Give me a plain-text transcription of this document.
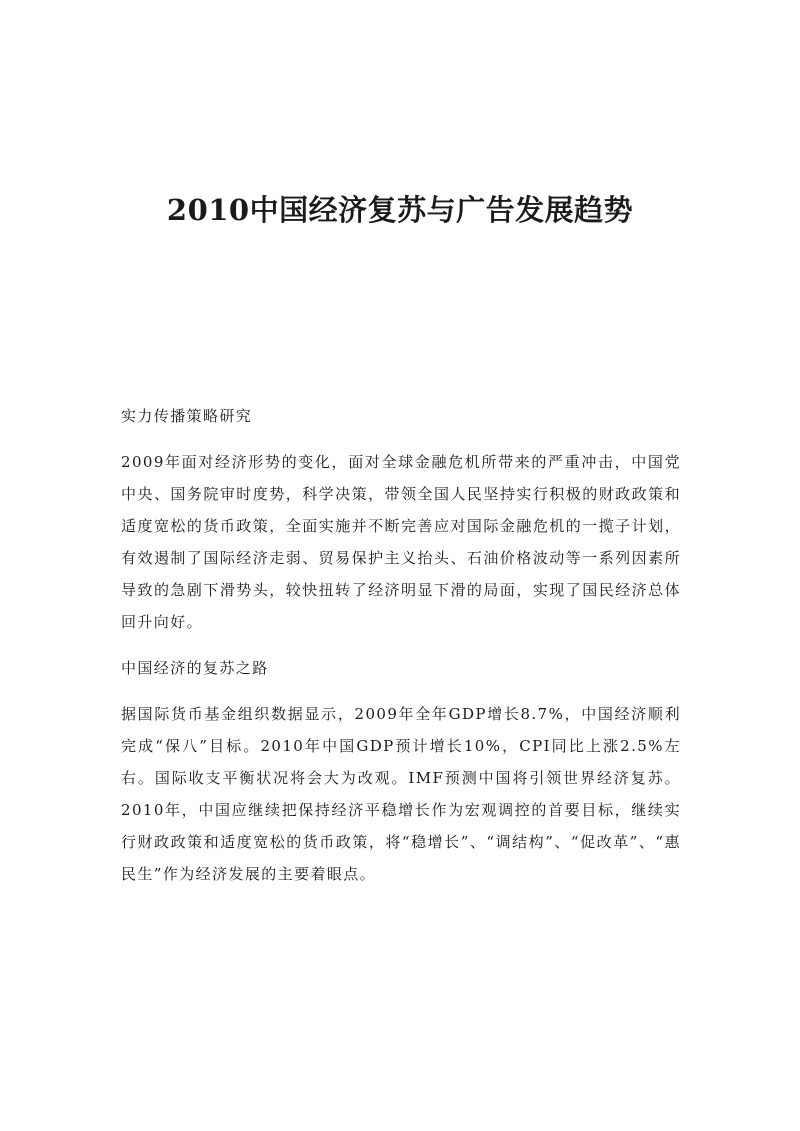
2010中国经济复苏与广告发展趋势
实力传播策略研究
2009年面对经济形势的变化，面对全球金融危机所带来的严重冲击，中国党中央、国务院审时度势，科学决策，带领全国人民坚持实行积极的财政政策和适度宽松的货币政策，全面实施并不断完善应对国际金融危机的一揽子计划，有效遏制了国际经济走弱、贸易保护主义抬头、石油价格波动等一系列因素所导致的急剧下滑势头，较快扭转了经济明显下滑的局面，实现了国民经济总体回升向好。
中国经济的复苏之路
据国际货币基金组织数据显示，2009年全年GDP增长8.7%，中国经济顺利完成“保八”目标。2010年中国GDP预计增长10%，CPI同比上涨2.5%左右。国际收支平衡状况将会大为改观。IMF预测中国将引领世界经济复苏。2010年，中国应继续把保持经济平稳增长作为宏观调控的首要目标，继续实行财政政策和适度宽松的货币政策，将“稳增长”、“调结构”、“促改革”、“惠民生”作为经济发展的主要着眼点。
